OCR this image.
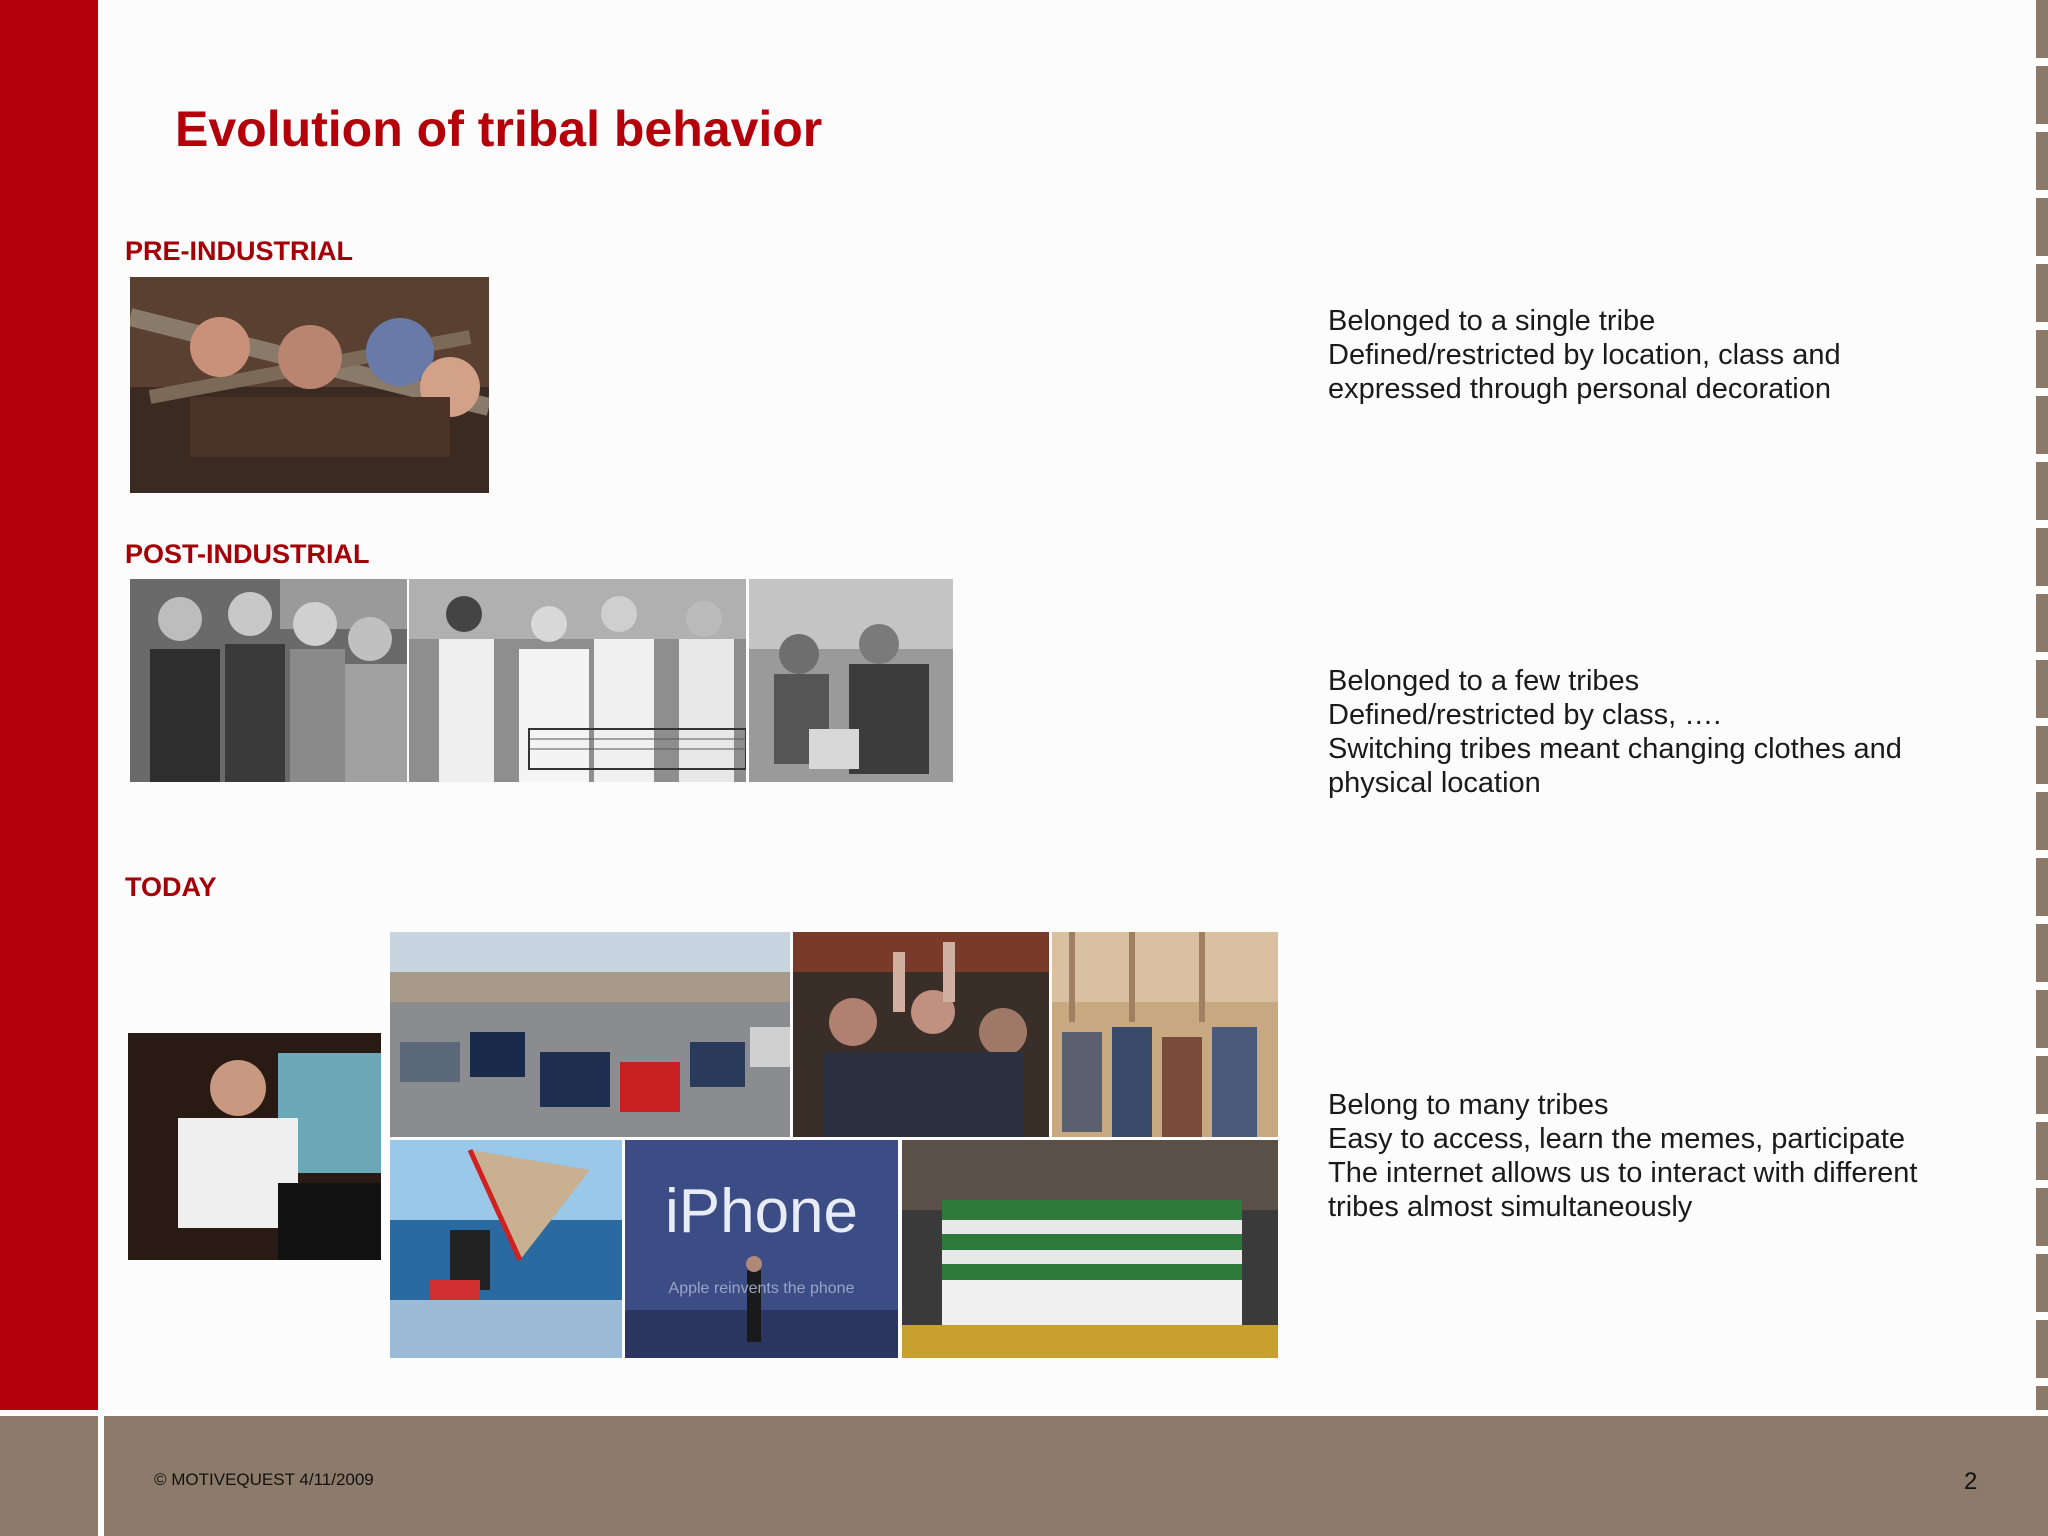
Evolution of tribal behavior
PRE-INDUSTRIAL
Belonged to a single tribe
Defined/restricted by location, class and
expressed through personal decoration
POST-INDUSTRIAL
Belonged to a few tribes
Defined/restricted by class, ….
Switching tribes meant changing clothes and
physical location
TODAY
iPhone
Apple reinvents the phone
Belong to many tribes
Easy to access, learn the memes, participate
The internet allows us to interact with different
tribes almost simultaneously
© MOTIVEQUEST 4/11/2009	2
